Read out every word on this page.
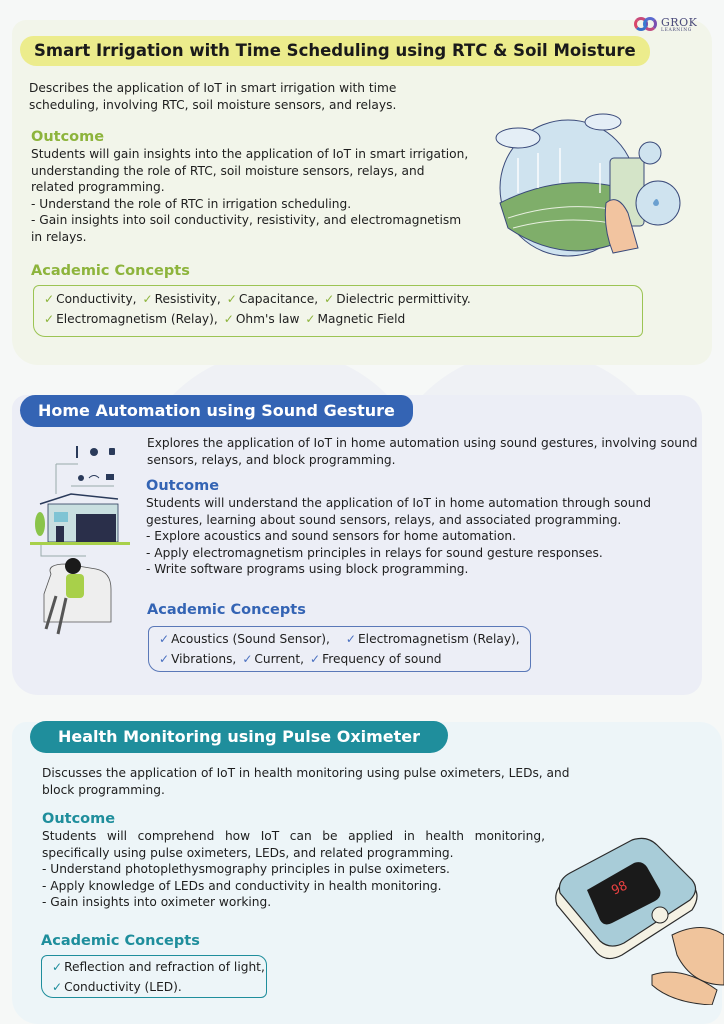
GROK
LEARNING
Smart Irrigation with Time Scheduling using RTC & Soil Moisture

Describes the application of IoT in smart irrigation with time scheduling, involving RTC, soil moisture sensors, and relays.

Outcome

Students will gain insights into the application of IoT in smart irrigation, understanding the role of RTC, soil moisture sensors, relays, and related programming.

- Understand the role of RTC in irrigation scheduling.

- Gain insights into soil conductivity, resistivity, and electromagnetism in relays.

Academic Concepts
✓ Conductivity, ✓ Resistivity, ✓ Capacitance, ✓ Dielectric permittivity.
✓ Electromagnetism (Relay), ✓ Ohm's law ✓ Magnetic Field
Home Automation using Sound Gesture

Explores the application of IoT in home automation using sound gestures, involving sound sensors, relays, and block programming.

Outcome

Students will understand the application of IoT in home automation through sound gestures, learning about sound sensors, relays, and associated programming.

- Explore acoustics and sound sensors for home automation.

- Apply electromagnetism principles in relays for sound gesture responses.

- Write software programs using block programming.

Academic Concepts
✓ Acoustics (Sound Sensor), ✓ Electromagnetism (Relay),
✓ Vibrations, ✓ Current, ✓ Frequency of sound
Health Monitoring using Pulse Oximeter

Discusses the application of IoT in health monitoring using pulse oximeters, LEDs, and block programming.

Outcome

Students will comprehend how IoT can be applied in health monitoring, specifically using pulse oximeters, LEDs, and related programming.

- Understand photoplethysmography principles in pulse oximeters.

- Apply knowledge of LEDs and conductivity in health monitoring.

- Gain insights into oximeter working.

Academic Concepts
✓ Reflection and refraction of light,
✓ Conductivity (LED).
98
